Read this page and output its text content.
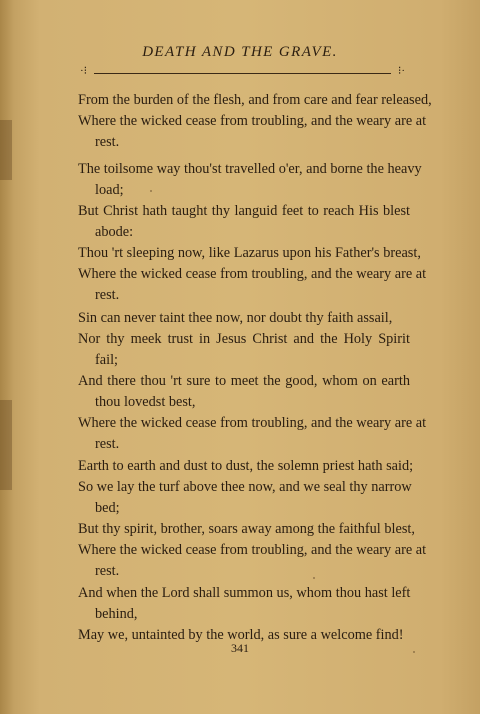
DEATH AND THE GRAVE.
·⁝	⁝·
From the burden of the flesh, and from care and fear released,
Where the wicked cease from troubling, and the weary are at
rest.
The toilsome way thou'st travelled o'er, and borne the heavy
load;
But Christ hath taught thy languid feet to reach His blest
abode:
Thou 'rt sleeping now, like Lazarus upon his Father's breast,
Where the wicked cease from troubling, and the weary are at
rest.
Sin can never taint thee now, nor doubt thy faith assail,
Nor thy meek trust in Jesus Christ and the Holy Spirit
fail;
And there thou 'rt sure to meet the good, whom on earth
thou lovedst best,
Where the wicked cease from troubling, and the weary are at
rest.
Earth to earth and dust to dust, the solemn priest hath said;
So we lay the turf above thee now, and we seal thy narrow
bed;
But thy spirit, brother, soars away among the faithful blest,
Where the wicked cease from troubling, and the weary are at
rest.
And when the Lord shall summon us, whom thou hast left
behind,
May we, untainted by the world, as sure a welcome find!
341
